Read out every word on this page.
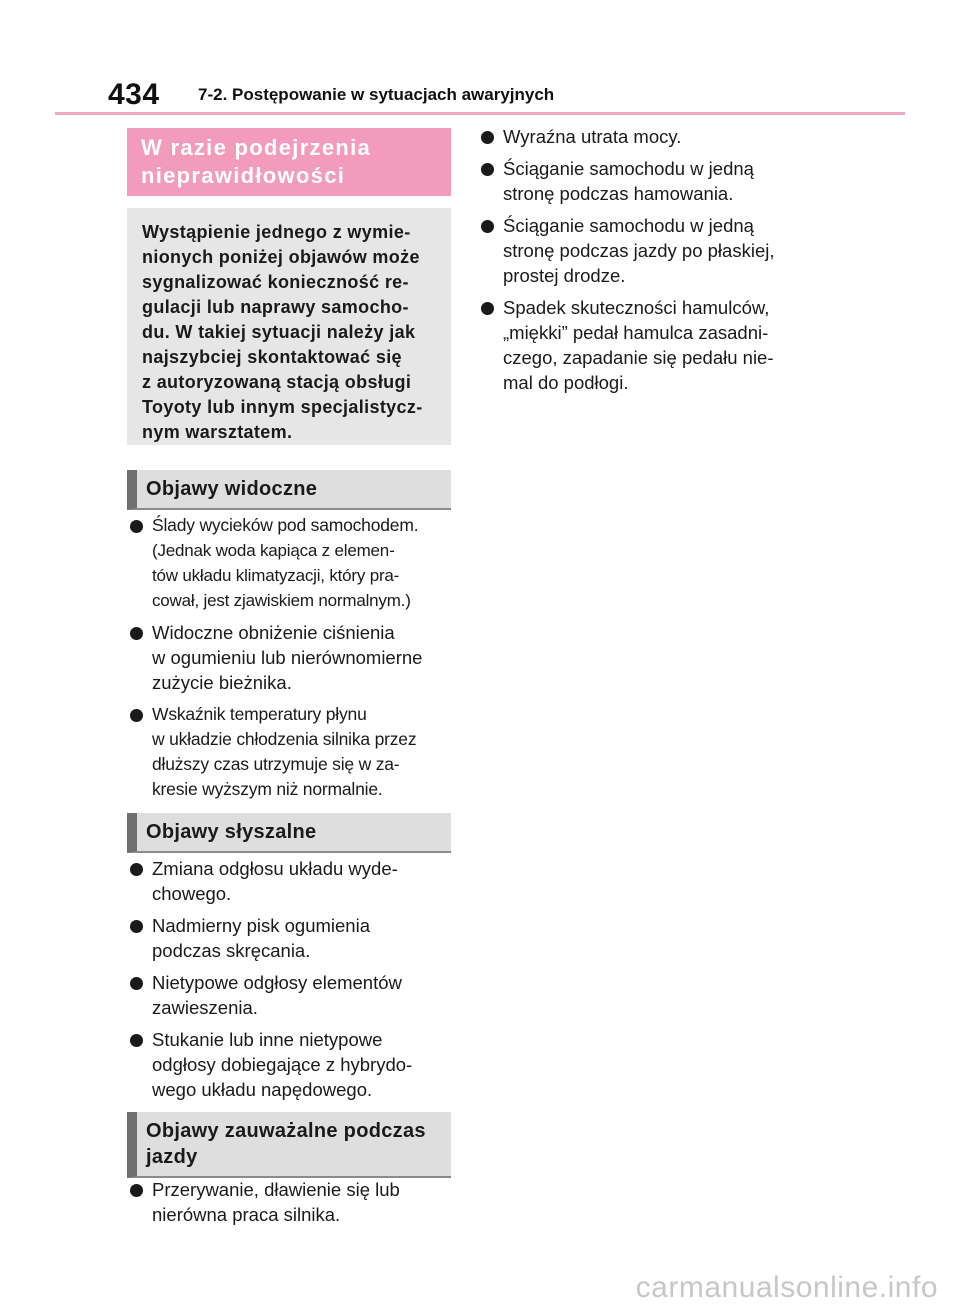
434 7-2. Postępowanie w sytuacjach awaryjnych
W razie podejrzenia
nieprawidłowości
Wystąpienie jednego z wymie-
nionych poniżej objawów może
sygnalizować konieczność re-
gulacji lub naprawy samocho-
du. W takiej sytuacji należy jak
najszybciej skontaktować się
z autoryzowaną stacją obsługi
Toyoty lub innym specjalistycz-
nym warsztatem.
Objawy widoczne
Ślady wycieków pod samochodem.
(Jednak woda kapiąca z elemen-
tów układu klimatyzacji, który pra-
cował, jest zjawiskiem normalnym.)
Widoczne obniżenie ciśnienia
w ogumieniu lub nierównomierne
zużycie bieżnika.
Wskaźnik temperatury płynu
w układzie chłodzenia silnika przez
dłuższy czas utrzymuje się w za-
kresie wyższym niż normalnie.
Objawy słyszalne
Zmiana odgłosu układu wyde-
chowego.
Nadmierny pisk ogumienia
podczas skręcania.
Nietypowe odgłosy elementów
zawieszenia.
Stukanie lub inne nietypowe
odgłosy dobiegające z hybrydo-
wego układu napędowego.
Objawy zauważalne podczas
jazdy
Przerywanie, dławienie się lub
nierówna praca silnika.
Wyraźna utrata mocy.
Ściąganie samochodu w jedną
stronę podczas hamowania.
Ściąganie samochodu w jedną
stronę podczas jazdy po płaskiej,
prostej drodze.
Spadek skuteczności hamulców,
„miękki” pedał hamulca zasadni-
czego, zapadanie się pedału nie-
mal do podłogi.
carmanualsonline.info
